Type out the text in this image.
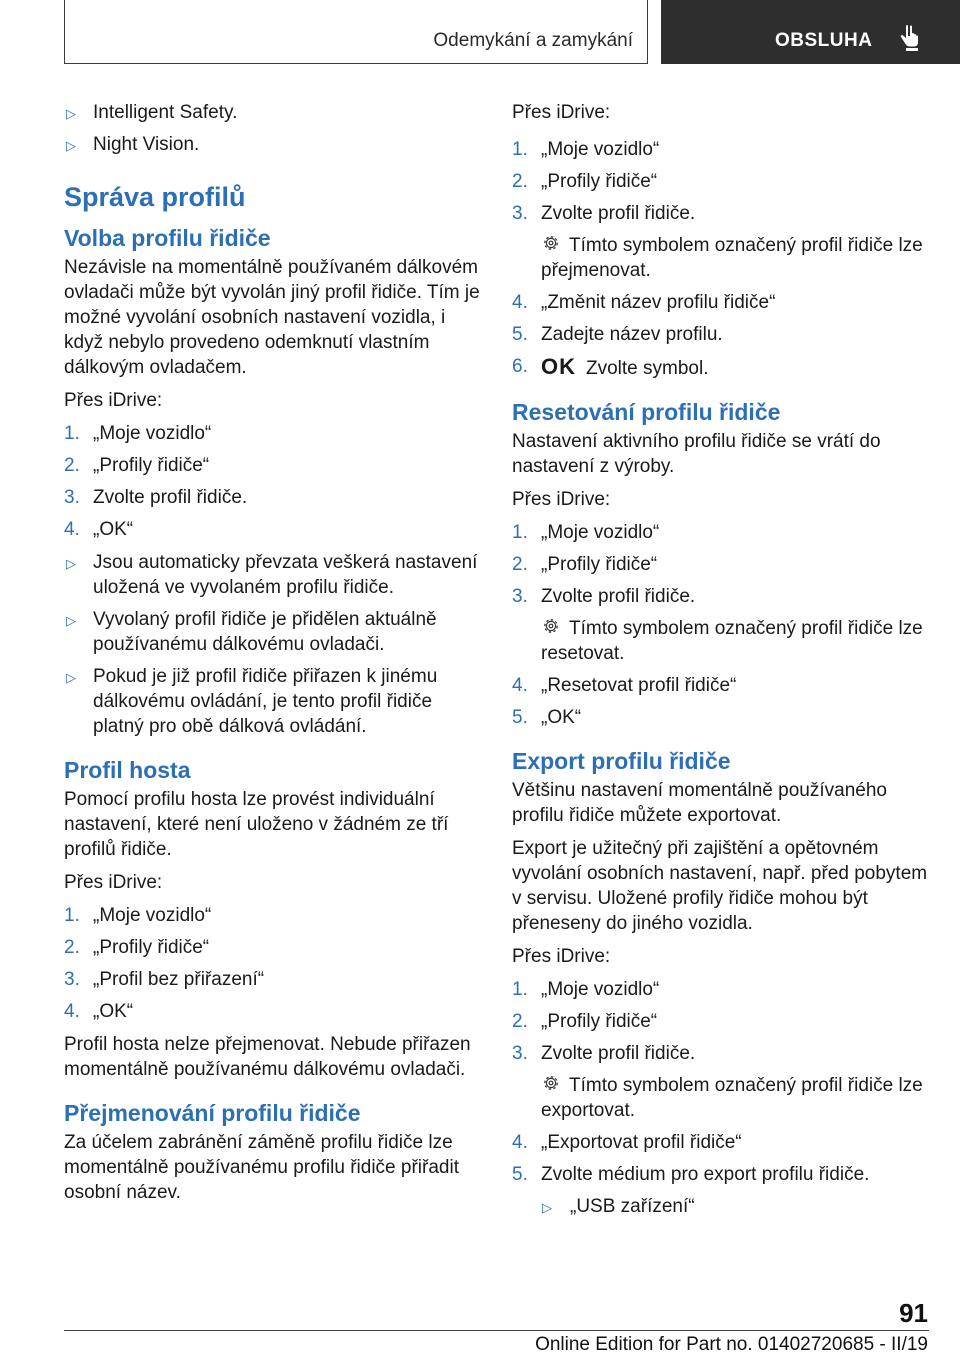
Odemykání a zamykání	OBSLUHA
▷ Intelligent Safety.
▷ Night Vision.
Správa profilů
Volba profilu řidiče

Nezávisle na momentálně používaném dálkovém ovladači může být vyvolán jiný profil řidiče. Tím je možné vyvolání osobních nastavení vozidla, i když nebylo provedeno odemknutí vlastním dálkovým ovladačem.

Přes iDrive:

1. „Moje vozidlo“
2. „Profily řidiče“
3. Zvolte profil řidiče.
4. „OK“
▷ Jsou automaticky převzata veškerá nastavení uložená ve vyvolaném profilu řidiče.
▷ Vyvolaný profil řidiče je přidělen aktuálně používanému dálkovému ovladači.
▷ Pokud je již profil řidiče přiřazen k jinému dálkovému ovládání, je tento profil řidiče platný pro obě dálková ovládání.
Profil hosta

Pomocí profilu hosta lze provést individuální nastavení, které není uloženo v žádném ze tří profilů řidiče.

Přes iDrive:

1. „Moje vozidlo“
2. „Profily řidiče“
3. „Profil bez přiřazení“
4. „OK“

Profil hosta nelze přejmenovat. Nebude přiřazen momentálně používanému dálkovému ovladači.

Přejmenování profilu řidiče

Za účelem zabránění záměně profilu řidiče lze momentálně používanému profilu řidiče přiřadit osobní název.

Přes iDrive:

1. „Moje vozidlo“
2. „Profily řidiče“
3. Zvolte profil řidiče.
Tímto symbolem označený profil řidiče lze přejmenovat.
4. „Změnit název profilu řidiče“
5. Zadejte název profilu.
6. OK Zvolte symbol.
Resetování profilu řidiče

Nastavení aktivního profilu řidiče se vrátí do nastavení z výroby.

Přes iDrive:

1. „Moje vozidlo“
2. „Profily řidiče“
3. Zvolte profil řidiče.
Tímto symbolem označený profil řidiče lze resetovat.
4. „Resetovat profil řidiče“
5. „OK“
Export profilu řidiče

Většinu nastavení momentálně používaného profilu řidiče můžete exportovat.

Export je užitečný při zajištění a opětovném vyvolání osobních nastavení, např. před pobytem v servisu. Uložené profily řidiče mohou být přeneseny do jiného vozidla.

Přes iDrive:

1. „Moje vozidlo“
2. „Profily řidiče“
3. Zvolte profil řidiče.
Tímto symbolem označený profil řidiče lze exportovat.
4. „Exportovat profil řidiče“
5. Zvolte médium pro export profilu řidiče.
▷ „USB zařízení“
91
Online Edition for Part no. 01402720685 - II/19
